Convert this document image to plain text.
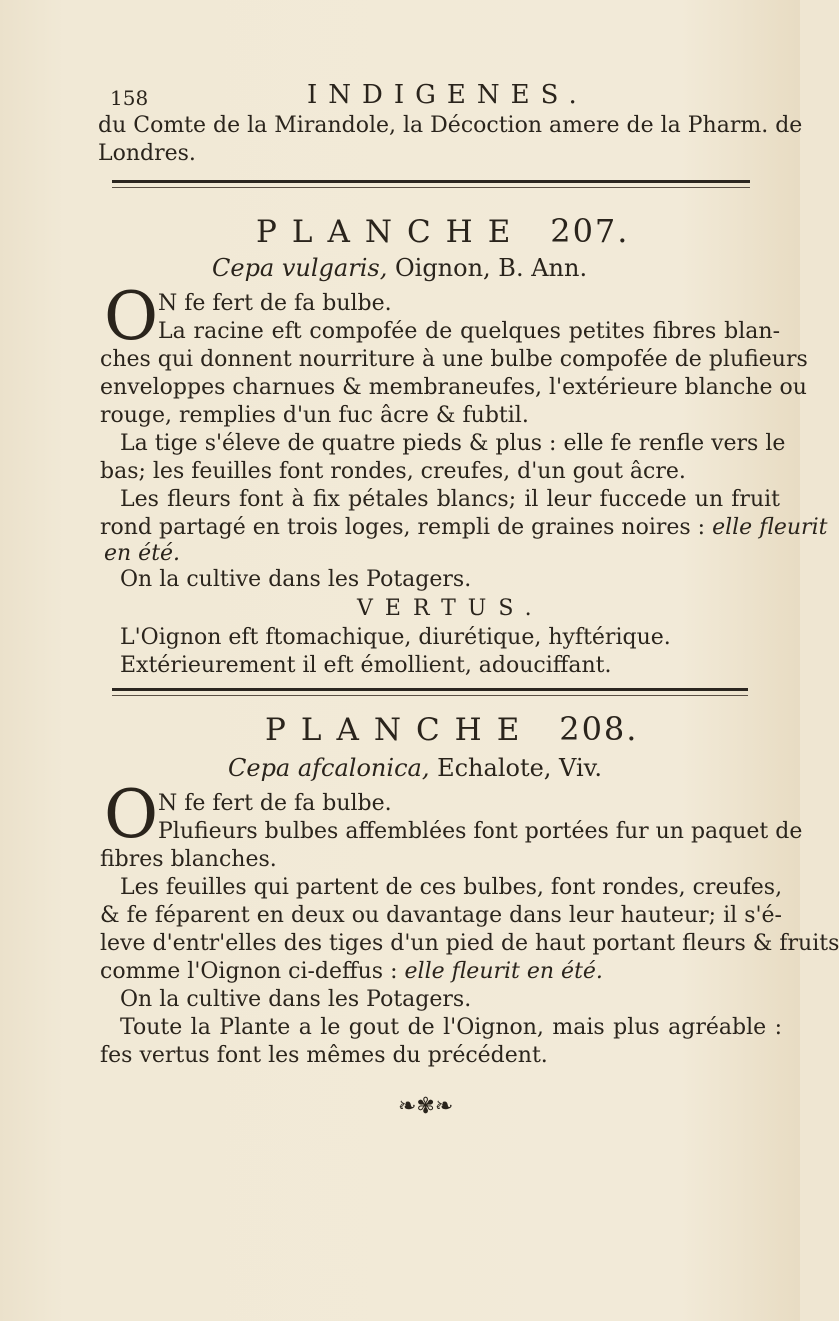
158	INDIGENES.
du Comte de la Mirandole, la Décoction amere de la Pharm. de
Londres.
PLANCHE 207.
Cepa vulgaris, Oignon, B. Ann.
O N fe fert de fa bulbe.
La racine eft compofée de quelques petites fibres blan-
ches qui donnent nourriture à une bulbe compofée de plufieurs
enveloppes charnues & membraneufes, l'extérieure blanche ou
rouge, remplies d'un fuc âcre & fubtil.
La tige s'éleve de quatre pieds & plus : elle fe renfle vers le
bas; les feuilles font rondes, creufes, d'un gout âcre.
Les fleurs font à fix pétales blancs; il leur fuccede un fruit
rond partagé en trois loges, rempli de graines noires : elle fleurit
en été.
On la cultive dans les Potagers.
VERTUS.
L'Oignon eft ftomachique, diurétique, hyftérique.
Extérieurement il eft émollient, adouciffant.
PLANCHE 208.
Cepa afcalonica, Echalote, Viv.
O N fe fert de fa bulbe.
Plufieurs bulbes affemblées font portées fur un paquet de
fibres blanches.
Les feuilles qui partent de ces bulbes, font rondes, creufes,
& fe féparent en deux ou davantage dans leur hauteur; il s'é-
leve d'entr'elles des tiges d'un pied de haut portant fleurs & fruits
comme l'Oignon ci-deffus : elle fleurit en été.
On la cultive dans les Potagers.
Toute la Plante a le gout de l'Oignon, mais plus agréable :
fes vertus font les mêmes du précédent.
❧✾❧
